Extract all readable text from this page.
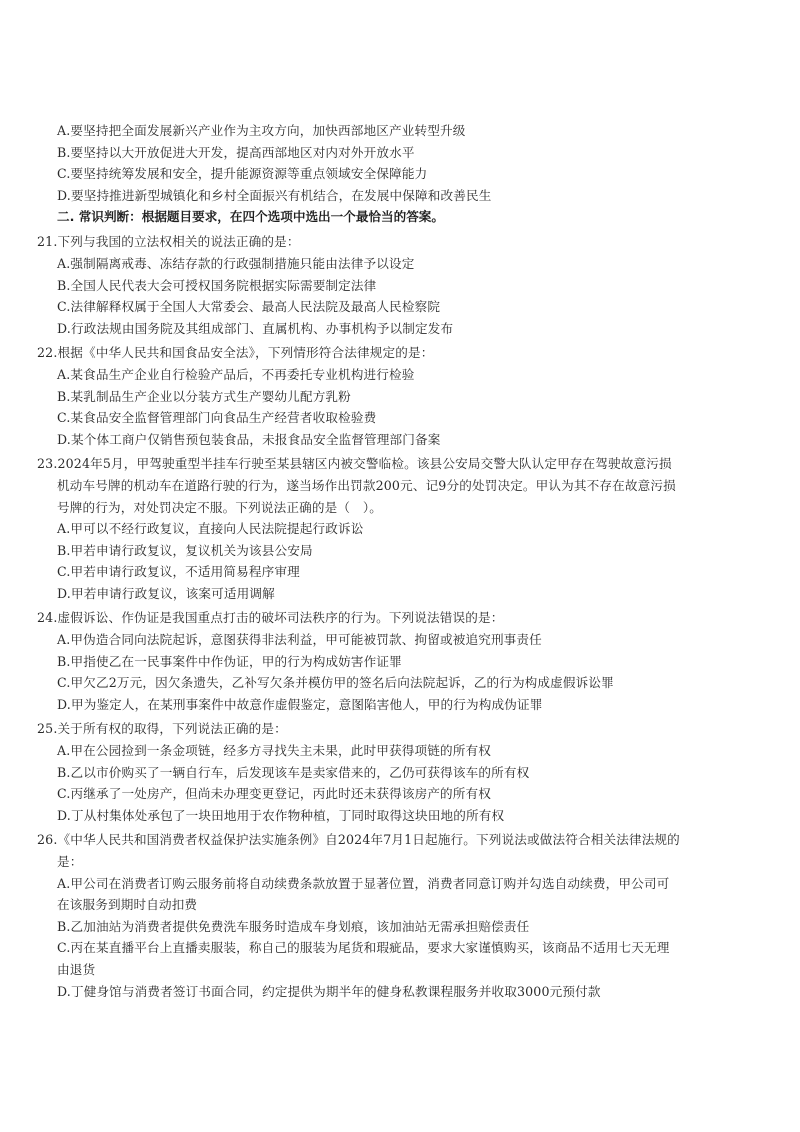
A.要坚持把全面发展新兴产业作为主攻方向，加快西部地区产业转型升级
B.要坚持以大开放促进大开发，提高西部地区对内对外开放水平
C.要坚持统筹发展和安全，提升能源资源等重点领域安全保障能力
D.要坚持推进新型城镇化和乡村全面振兴有机结合，在发展中保障和改善民生
二. 常识判断：根据题目要求，在四个选项中选出一个最恰当的答案。
21.下列与我国的立法权相关的说法正确的是：
A.强制隔离戒毒、冻结存款的行政强制措施只能由法律予以设定
B.全国人民代表大会可授权国务院根据实际需要制定法律
C.法律解释权属于全国人大常委会、最高人民法院及最高人民检察院
D.行政法规由国务院及其组成部门、直属机构、办事机构予以制定发布
22.根据《中华人民共和国食品安全法》，下列情形符合法律规定的是：
A.某食品生产企业自行检验产品后，不再委托专业机构进行检验
B.某乳制品生产企业以分装方式生产婴幼儿配方乳粉
C.某食品安全监督管理部门向食品生产经营者收取检验费
D.某个体工商户仅销售预包装食品，未报食品安全监督管理部门备案
23.2024年5月，甲驾驶重型半挂车行驶至某县辖区内被交警临检。该县公安局交警大队认定甲存在驾驶故意污损
机动车号牌的机动车在道路行驶的行为，遂当场作出罚款200元、记9分的处罚决定。甲认为其不存在故意污损
号牌的行为，对处罚决定不服。下列说法正确的是（　）。
A.甲可以不经行政复议，直接向人民法院提起行政诉讼
B.甲若申请行政复议，复议机关为该县公安局
C.甲若申请行政复议，不适用简易程序审理
D.甲若申请行政复议，该案可适用调解
24.虚假诉讼、作伪证是我国重点打击的破坏司法秩序的行为。下列说法错误的是：
A.甲伪造合同向法院起诉，意图获得非法利益，甲可能被罚款、拘留或被追究刑事责任
B.甲指使乙在一民事案件中作伪证，甲的行为构成妨害作证罪
C.甲欠乙2万元，因欠条遗失，乙补写欠条并模仿甲的签名后向法院起诉，乙的行为构成虚假诉讼罪
D.甲为鉴定人，在某刑事案件中故意作虚假鉴定，意图陷害他人，甲的行为构成伪证罪
25.关于所有权的取得，下列说法正确的是：
A.甲在公园捡到一条金项链，经多方寻找失主未果，此时甲获得项链的所有权
B.乙以市价购买了一辆自行车，后发现该车是卖家借来的，乙仍可获得该车的所有权
C.丙继承了一处房产，但尚未办理变更登记，丙此时还未获得该房产的所有权
D.丁从村集体处承包了一块田地用于农作物种植，丁同时取得这块田地的所有权
26.《中华人民共和国消费者权益保护法实施条例》自2024年7月1日起施行。下列说法或做法符合相关法律法规的
是：
A.甲公司在消费者订购云服务前将自动续费条款放置于显著位置，消费者同意订购并勾选自动续费，甲公司可
在该服务到期时自动扣费
B.乙加油站为消费者提供免费洗车服务时造成车身划痕，该加油站无需承担赔偿责任
C.丙在某直播平台上直播卖服装，称自己的服装为尾货和瑕疵品，要求大家谨慎购买，该商品不适用七天无理
由退货
D.丁健身馆与消费者签订书面合同，约定提供为期半年的健身私教课程服务并收取3000元预付款
